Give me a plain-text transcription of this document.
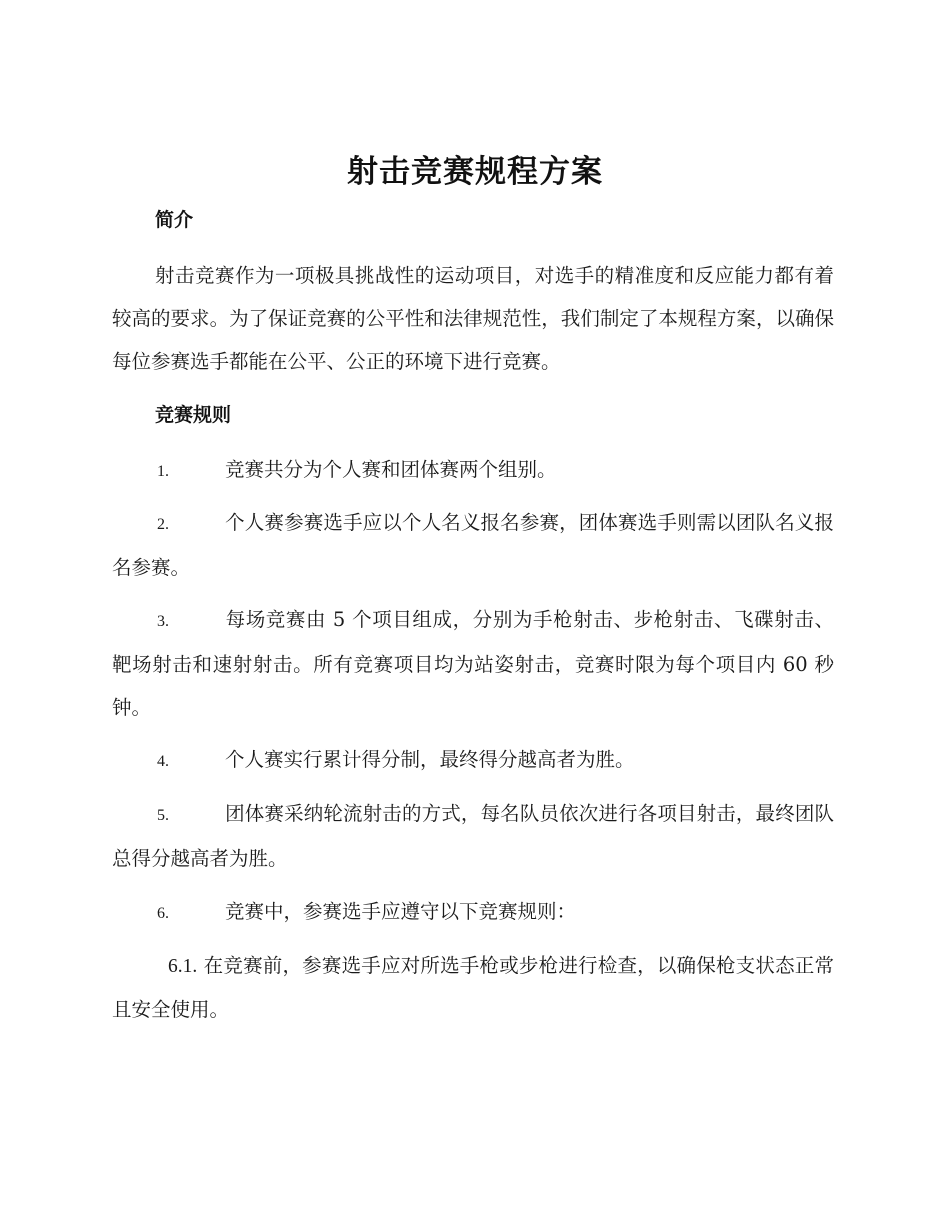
射击竞赛规程方案
简介
射击竞赛作为一项极具挑战性的运动项目，对选手的精准度和反应能力都有着较高的要求。为了保证竞赛的公平性和法律规范性，我们制定了本规程方案，以确保每位参赛选手都能在公平、公正的环境下进行竞赛。
竞赛规则
1.	竞赛共分为个人赛和团体赛两个组别。
2.	个人赛参赛选手应以个人名义报名参赛，团体赛选手则需以团队名义报名参赛。
3.	每场竞赛由 5 个项目组成，分别为手枪射击、步枪射击、飞碟射击、靶场射击和速射射击。所有竞赛项目均为站姿射击，竞赛时限为每个项目内 60 秒钟。
4.	个人赛实行累计得分制，最终得分越高者为胜。
5.	团体赛采纳轮流射击的方式，每名队员依次进行各项目射击，最终团队总得分越高者为胜。
6.	竞赛中，参赛选手应遵守以下竞赛规则：
6.1. 在竞赛前，参赛选手应对所选手枪或步枪进行检查，以确保枪支状态正常且安全使用。
